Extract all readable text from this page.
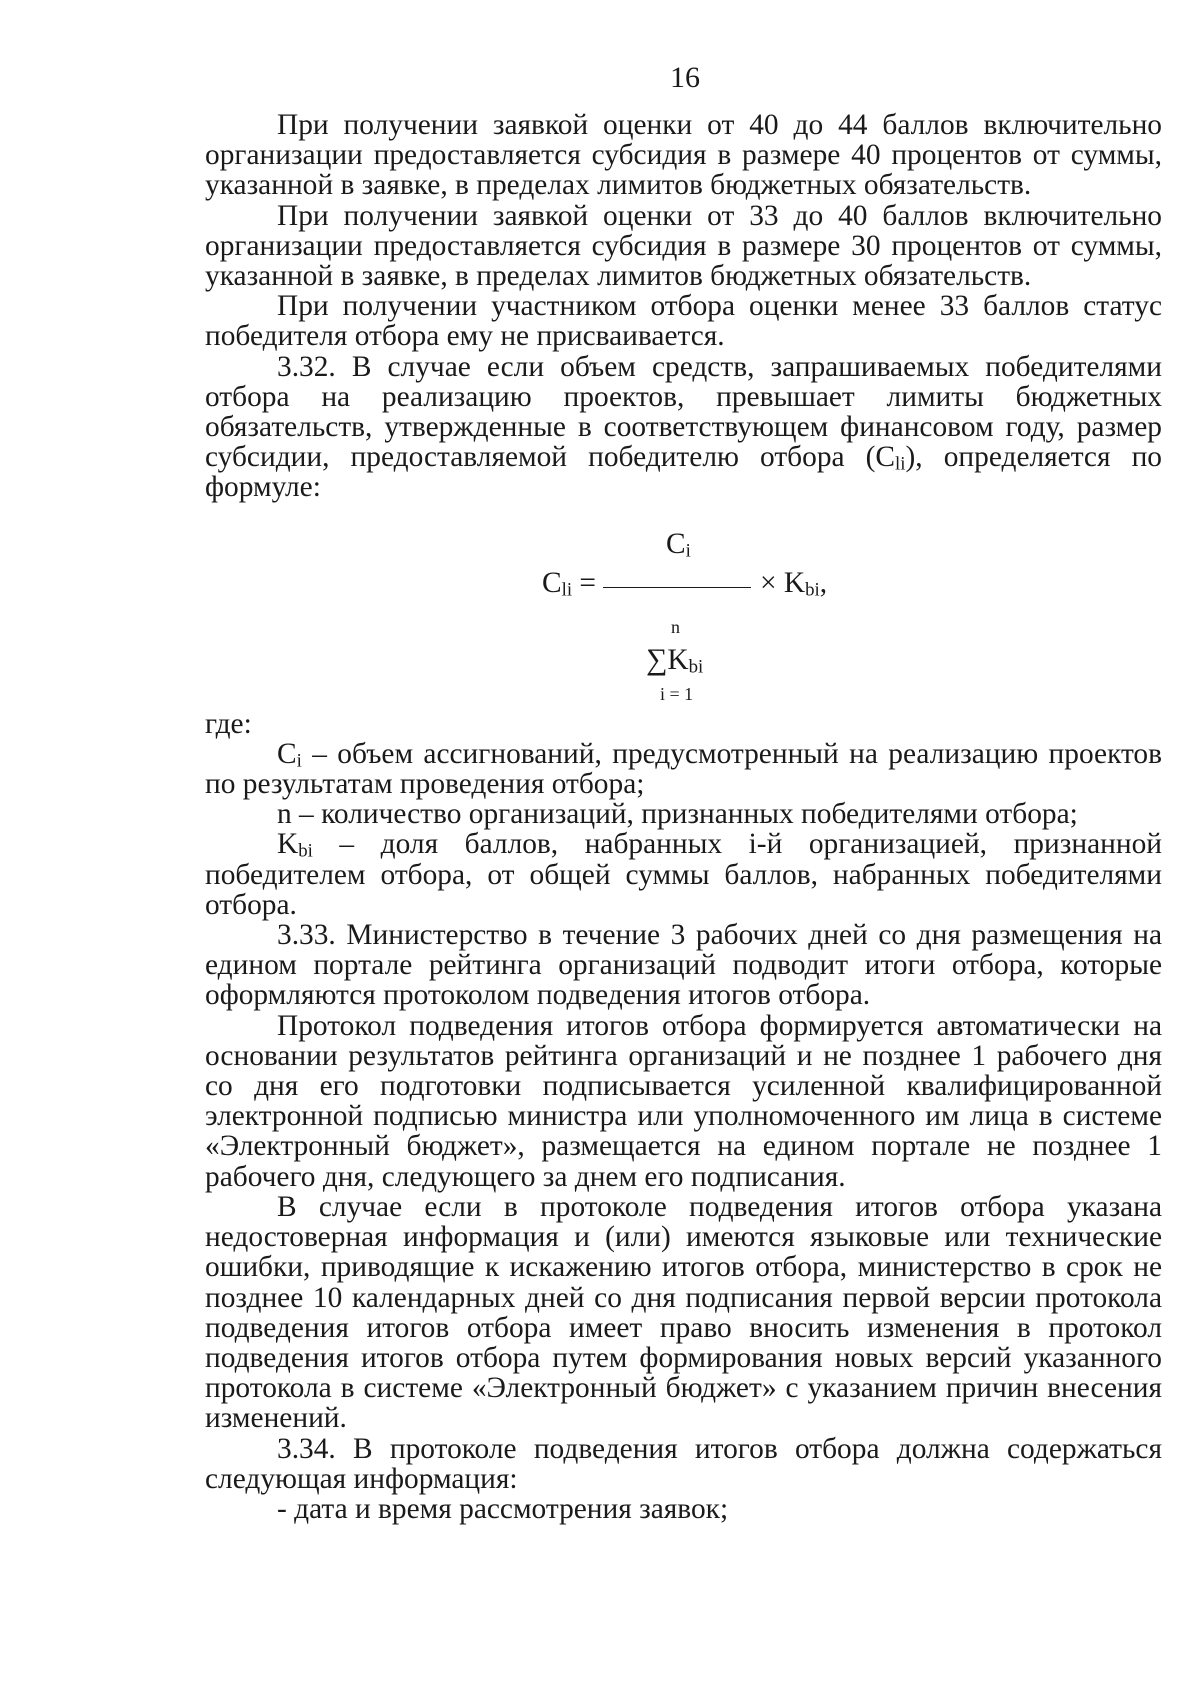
16

При получении заявкой оценки от 40 до 44 баллов включительно организации предоставляется субсидия в размере 40 процентов от суммы, указанной в заявке, в пределах лимитов бюджетных обязательств.

При получении заявкой оценки от 33 до 40 баллов включительно организации предоставляется субсидия в размере 30 процентов от суммы, указанной в заявке, в пределах лимитов бюджетных обязательств.

При получении участником отбора оценки менее 33 баллов статус победителя отбора ему не присваивается.

3.32. В случае если объем средств, запрашиваемых победителями отбора на реализацию проектов, превышает лимиты бюджетных обязательств, утвержденные в соответствующем финансовом году, размер субсидии, предоставляемой победителю отбора $(C_{li})$, определяется по формуле:

$C_i$
$C_{li}$ =	× $K_{bi}$,
n
$\sum K_{bi}$
i = 1

где:

$C_i$ – объем ассигнований, предусмотренный на реализацию проектов по результатам проведения отбора;

n – количество организаций, признанных победителями отбора;

$K_{bi}$ – доля баллов, набранных i-й организацией, признанной победителем отбора, от общей суммы баллов, набранных победителями отбора.

3.33. Министерство в течение 3 рабочих дней со дня размещения на едином портале рейтинга организаций подводит итоги отбора, которые оформляются протоколом подведения итогов отбора.

Протокол подведения итогов отбора формируется автоматически на основании результатов рейтинга организаций и не позднее 1 рабочего дня со дня его подготовки подписывается усиленной квалифицированной электронной подписью министра или уполномоченного им лица в системе «Электронный бюджет», размещается на едином портале не позднее 1 рабочего дня, следующего за днем его подписания.

В случае если в протоколе подведения итогов отбора указана недостоверная информация и (или) имеются языковые или технические ошибки, приводящие к искажению итогов отбора, министерство в срок не позднее 10 календарных дней со дня подписания первой версии протокола подведения итогов отбора имеет право вносить изменения в протокол подведения итогов отбора путем формирования новых версий указанного протокола в системе «Электронный бюджет» с указанием причин внесения изменений.

3.34. В протоколе подведения итогов отбора должна содержаться следующая информация:

- дата и время рассмотрения заявок;
